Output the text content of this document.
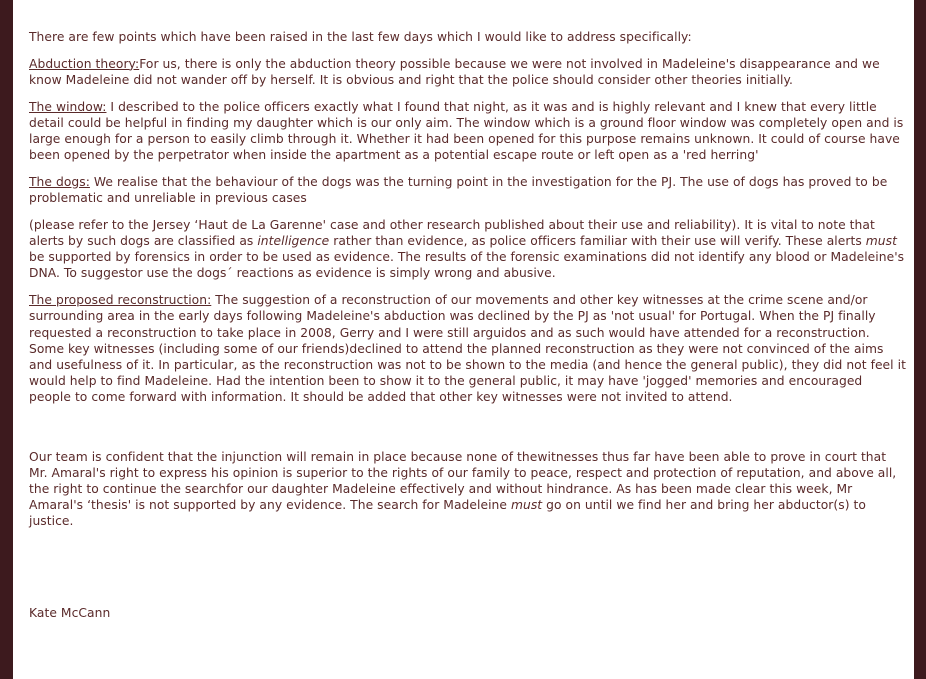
There are few points which have been raised in the last few days which I would like to address specifically:

Abduction theory:For us, there is only the abduction theory possible because we were not involved in Madeleine's disappearance and we know Madeleine did not wander off by herself. It is obvious and right that the police should consider other theories initially.

The window: I described to the police officers exactly what I found that night, as it was and is highly relevant and I knew that every little detail could be helpful in finding my daughter which is our only aim. The window which is a ground floor window was completely open and is large enough for a person to easily climb through it. Whether it had been opened for this purpose remains unknown. It could of course have been opened by the perpetrator when inside the apartment as a potential escape route or left open as a 'red herring'

The dogs: We realise that the behaviour of the dogs was the turning point in the investigation for the PJ. The use of dogs has proved to be problematic and unreliable in previous cases

(please refer to the Jersey ‘Haut de La Garenne' case and other research published about their use and reliability). It is vital to note that alerts by such dogs are classified as intelligence rather than evidence, as police officers familiar with their use will verify. These alerts must be supported by forensics in order to be used as evidence. The results of the forensic examinations did not identify any blood or Madeleine's DNA. To suggestor use the dogs´ reactions as evidence is simply wrong and abusive.

The proposed reconstruction: The suggestion of a reconstruction of our movements and other key witnesses at the crime scene and/or surrounding area in the early days following Madeleine's abduction was declined by the PJ as 'not usual' for Portugal. When the PJ finally requested a reconstruction to take place in 2008, Gerry and I were still arguidos and as such would have attended for a reconstruction. Some key witnesses (including some of our friends)declined to attend the planned reconstruction as they were not convinced of the aims and usefulness of it. In particular, as the reconstruction was not to be shown to the media (and hence the general public), they did not feel it would help to find Madeleine. Had the intention been to show it to the general public, it may have 'jogged' memories and encouraged people to come forward with information. It should be added that other key witnesses were not invited to attend.

Our team is confident that the injunction will remain in place because none of thewitnesses thus far have been able to prove in court that Mr. Amaral's right to express his opinion is superior to the rights of our family to peace, respect and protection of reputation, and above all, the right to continue the searchfor our daughter Madeleine effectively and without hindrance. As has been made clear this week, Mr Amaral's ‘thesis' is not supported by any evidence. The search for Madeleine must go on until we find her and bring her abductor(s) to justice.

Kate McCann
